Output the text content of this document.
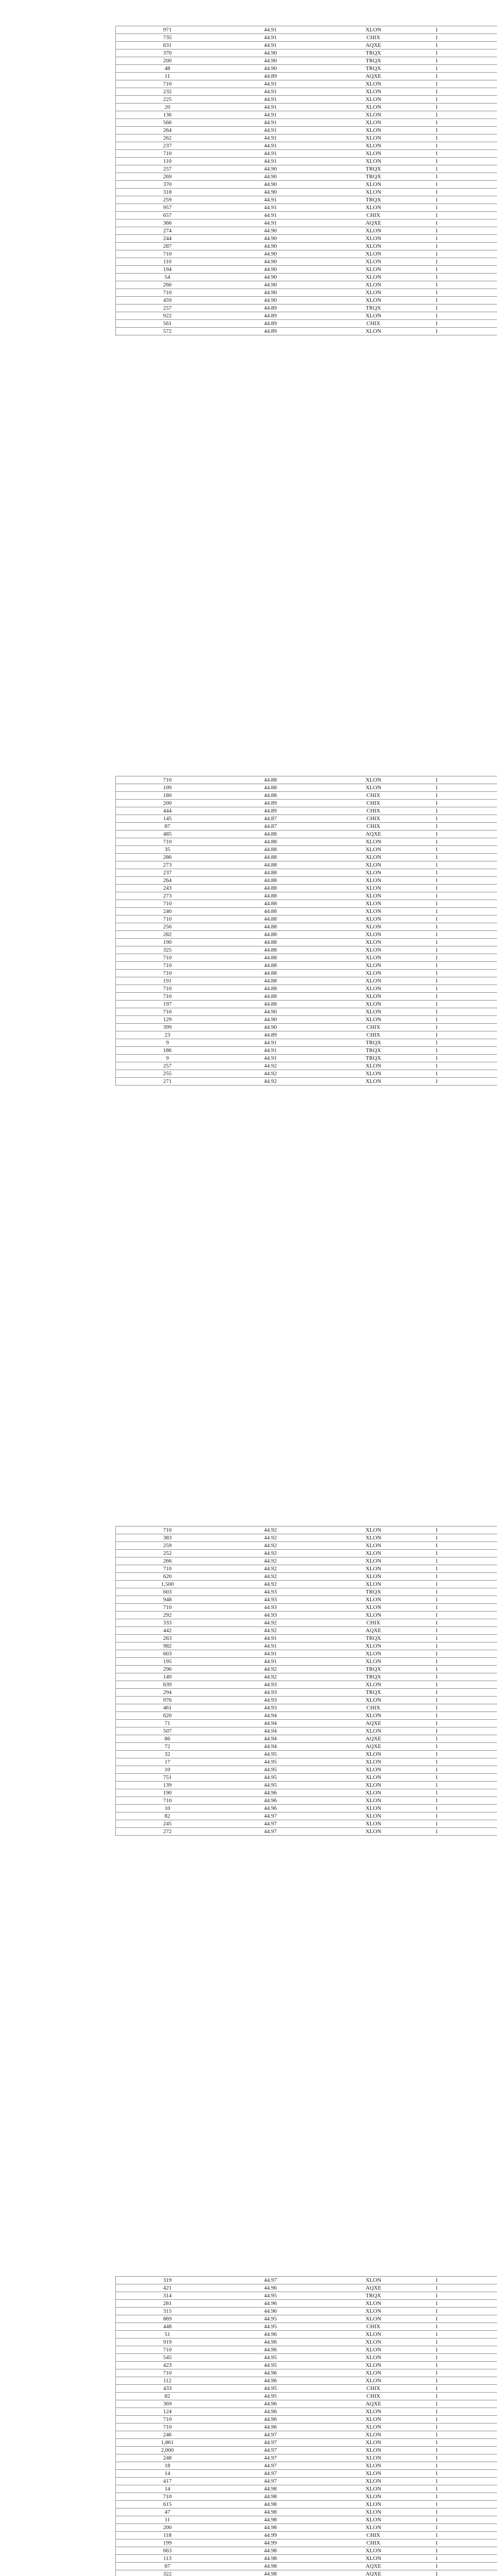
971	44.91	XLON	1
735	44.91	CHIX	1
631	44.91	AQXE	1
370	44.90	TRQX	1
200	44.90	TRQX	1
48	44.90	TRQX	1
11	44.89	AQXE	1
710	44.91	XLON	1
232	44.91	XLON	1
225	44.91	XLON	1
20	44.91	XLON	1
136	44.91	XLON	1
566	44.91	XLON	1
264	44.91	XLON	1
262	44.91	XLON	1
237	44.91	XLON	1
710	44.91	XLON	1
110	44.91	XLON	1
257	44.90	TRQX	1
269	44.90	TRQX	1
370	44.90	XLON	1
318	44.90	XLON	1
259	44.91	TRQX	1
957	44.91	XLON	1
657	44.91	CHIX	1
366	44.91	AQXE	1
274	44.90	XLON	1
244	44.90	XLON	1
287	44.90	XLON	1
710	44.90	XLON	1
110	44.90	XLON	1
194	44.90	XLON	1
54	44.90	XLON	1
266	44.90	XLON	1
710	44.90	XLON	1
459	44.90	XLON	1
257	44.89	TRQX	1
922	44.89	XLON	1
561	44.89	CHIX	1
572	44.89	XLON	1
710	44.88	XLON	1
109	44.88	XLON	1
180	44.88	CHIX	1
200	44.89	CHIX	1
444	44.89	CHIX	1
145	44.87	CHIX	1
87	44.87	CHIX	1
485	44.88	AQXE	1
710	44.88	XLON	1
35	44.88	XLON	1
286	44.88	XLON	1
273	44.88	XLON	1
237	44.88	XLON	1
264	44.88	XLON	1
243	44.88	XLON	1
273	44.88	XLON	1
710	44.88	XLON	1
240	44.88	XLON	1
710	44.88	XLON	1
256	44.88	XLON	1
282	44.88	XLON	1
190	44.88	XLON	1
325	44.88	XLON	1
710	44.88	XLON	1
710	44.88	XLON	1
710	44.88	XLON	1
191	44.88	XLON	1
710	44.88	XLON	1
710	44.88	XLON	1
197	44.88	XLON	1
710	44.90	XLON	1
129	44.90	XLON	1
399	44.90	CHIX	1
23	44.89	CHIX	1
9	44.91	TRQX	1
186	44.91	TRQX	1
9	44.91	TRQX	1
257	44.92	XLON	1
255	44.92	XLON	1
271	44.92	XLON	1
710	44.92	XLON	1
383	44.92	XLON	1
259	44.92	XLON	1
252	44.92	XLON	1
266	44.92	XLON	1
710	44.92	XLON	1
620	44.92	XLON	1
1,500	44.92	XLON	1
603	44.93	TRQX	1
948	44.93	XLON	1
710	44.93	XLON	1
292	44.93	XLON	1
333	44.92	CHIX	1
442	44.92	AQXE	1
263	44.91	TRQX	1
982	44.91	XLON	1
603	44.91	XLON	1
195	44.91	XLON	1
296	44.92	TRQX	1
149	44.92	TRQX	1
639	44.93	XLON	1
294	44.93	TRQX	1
976	44.93	XLON	1
461	44.93	CHIX	1
620	44.94	XLON	1
71	44.94	AQXE	1
507	44.94	XLON	1
86	44.94	AQXE	1
72	44.94	AQXE	1
32	44.95	XLON	1
17	44.95	XLON	1
10	44.95	XLON	1
751	44.95	XLON	1
139	44.95	XLON	1
190	44.96	XLON	1
710	44.96	XLON	1
10	44.96	XLON	1
82	44.97	XLON	1
245	44.97	XLON	1
272	44.97	XLON	1
319	44.97	XLON	1
421	44.96	AQXE	1
314	44.95	TRQX	1
281	44.96	XLON	1
315	44.96	XLON	1
869	44.95	XLON	1
448	44.95	CHIX	1
51	44.96	XLON	1
919	44.96	XLON	1
710	44.96	XLON	1
545	44.95	XLON	1
423	44.95	XLON	1
710	44.96	XLON	1
112	44.96	XLON	1
433	44.95	CHIX	1
82	44.95	CHIX	1
369	44.96	AQXE	1
124	44.96	XLON	1
710	44.96	XLON	1
710	44.96	XLON	1
246	44.97	XLON	1
1,861	44.97	XLON	1
2,000	44.97	XLON	1
248	44.97	XLON	1
18	44.97	XLON	1
14	44.97	XLON	1
417	44.97	XLON	1
14	44.98	XLON	1
710	44.98	XLON	1
615	44.98	XLON	1
47	44.98	XLON	1
11	44.98	XLON	1
200	44.98	XLON	1
118	44.99	CHIX	1
199	44.99	CHIX	1
663	44.98	XLON	1
113	44.98	XLON	1
87	44.98	AQXE	1
322	44.98	AQXE	1
